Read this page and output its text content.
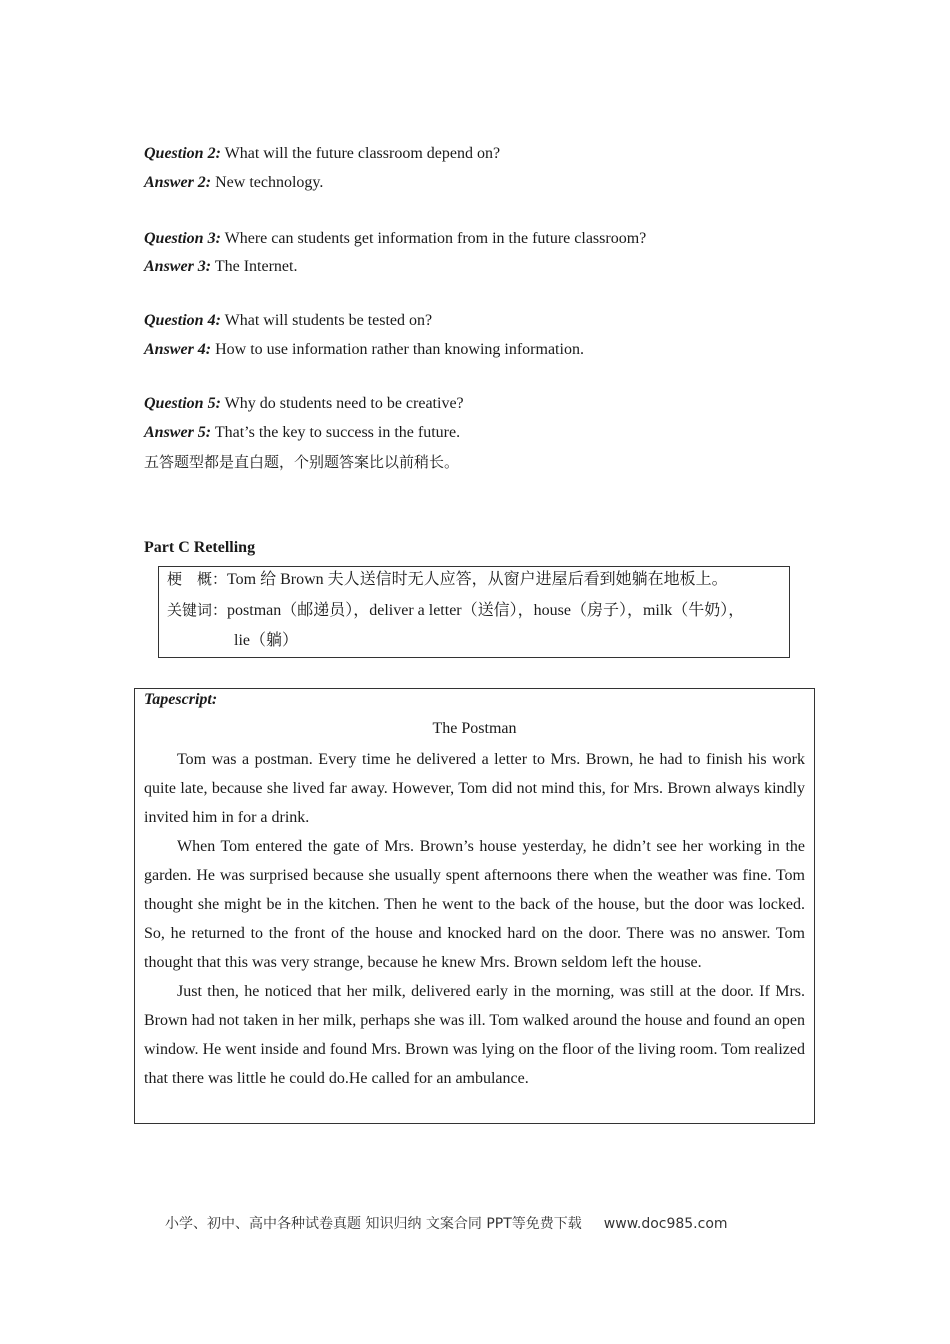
Question 2: What will the future classroom depend on?
Answer 2: New technology.
Question 3: Where can students get information from in the future classroom?
Answer 3: The Internet.
Question 4: What will students be tested on?
Answer 4: How to use information rather than knowing information.
Question 5: Why do students need to be creative?
Answer 5: That’s the key to success in the future.
五答题型都是直白题，个别题答案比以前稍长。
Part C Retelling
梗　概：Tom 给 Brown 夫人送信时无人应答，从窗户进屋后看到她躺在地板上。
关键词：postman（邮递员），deliver a letter（送信），house（房子），milk（牛奶），
lie（躺）
Tapescript:
The Postman

Tom was a postman. Every time he delivered a letter to Mrs. Brown, he had to finish his work quite late, because she lived far away. However, Tom did not mind this, for Mrs. Brown always kindly invited him in for a drink.

When Tom entered the gate of Mrs. Brown’s house yesterday, he didn’t see her working in the garden. He was surprised because she usually spent afternoons there when the weather was fine. Tom thought she might be in the kitchen. Then he went to the back of the house, but the door was locked. So, he returned to the front of the house and knocked hard on the door. There was no answer. Tom thought that this was very strange, because he knew Mrs. Brown seldom left the house.

Just then, he noticed that her milk, delivered early in the morning, was still at the door. If Mrs. Brown had not taken in her milk, perhaps she was ill. Tom walked around the house and found an open window. He went inside and found Mrs. Brown was lying on the floor of the living room. Tom realized that there was little he could do.He called for an ambulance.

小学、初中、高中各种试卷真题 知识归纳 文案合同 PPT等免费下载 www.doc985.com
